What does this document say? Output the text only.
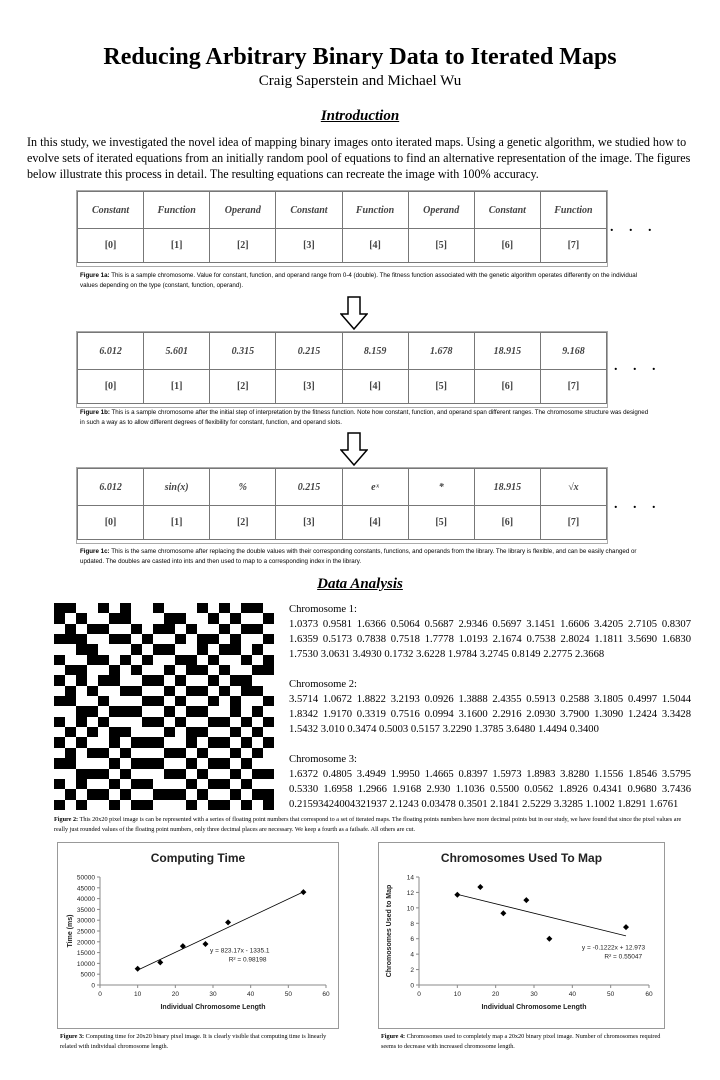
Reducing Arbitrary Binary Data to Iterated Maps
Craig Saperstein and Michael Wu
Introduction
In this study, we investigated the novel idea of mapping binary images onto iterated maps. Using a genetic algorithm, we studied how to evolve sets of iterated equations from an initially random pool of equations to find an alternative representation of the image. The figures below illustrate this process in detail. The resulting equations can recreate the image with 100% accuracy.
Constant	Function	Operand	Constant	Function	Operand	Constant	Function
[0]	[1]	[2]	[3]	[4]	[5]	[6]	[7]
. . .
Figure 1a: This is a sample chromosome. Value for constant, function, and operand range from 0-4 (double). The fitness function associated with the genetic algorithm operates differently on the individual values depending on the type (constant, function, operand).
6.012	5.601	0.315	0.215	8.159	1.678	18.915	9.168
[0]	[1]	[2]	[3]	[4]	[5]	[6]	[7]
. . .
Figure 1b: This is a sample chromosome after the initial step of interpretation by the fitness function. Note how constant, function, and operand span different ranges. The chromosome structure was designed in such a way as to allow different degrees of flexibility for constant, function, and operand slots.
6.012	sin(x)	%	0.215	eˣ	*	18.915	√x
[0]	[1]	[2]	[3]	[4]	[5]	[6]	[7]
. . .
Figure 1c: This is the same chromosome after replacing the double values with their corresponding constants, functions, and operands from the library. The library is flexible, and can be easily changed or updated. The doubles are casted into ints and then used to map to a corresponding index in the library.
Data Analysis

Chromosome 1:
1.0373 0.9581 1.6366 0.5064 0.5687 2.9346 0.5697 3.1451 1.6606 3.4205 2.7105 0.8307 1.6359 0.5173 0.7838 0.7518 1.7778 1.0193 2.1674 0.7538 2.8024 1.1811 3.5690 1.6830 1.7530 3.0631 3.4930 0.1732 3.6228 1.9784 3.2745 0.8149 2.2775 2.3668

Chromosome 2:
3.5714 1.0672 1.8822 3.2193 0.0926 1.3888 2.4355 0.5913 0.2588 3.1805 0.4997 1.5044 1.8342 1.9170 0.3319 0.7516 0.0994 3.1600 2.2916 2.0930 3.7900 1.3090 1.2424 3.3428 1.5432 3.010 0.3474 0.5003 0.5157 3.2290 1.3785 3.6480 1.4494 0.3400

Chromosome 3:
1.6372 0.4805 3.4949 1.9950 1.4665 0.8397 1.5973 1.8983 3.8280 1.1556 1.8546 3.5795 0.5330 1.6958 1.2966 1.9168 2.930 1.1036 0.5500 0.0562 1.8926 0.4341 0.9680 3.7436 0.21593424004321937 2.1243 0.03478 0.3501 2.1841 2.5229 3.3285 1.1002 1.8291 1.6761

Figure 2: This 20x20 pixel image is can be represented with a series of floating point numbers that correspond to a set of iterated maps. The floating points numbers have more decimal points but in our study, we have found that since the pixel values are really just rounded values of the floating point numbers, only three decimal places are necessary. We keep a fourth as a failsafe. All others are cut.
Computing Time
0
5000
10000
15000
20000
25000
30000
35000
40000
45000
50000
0	10	20	30	40	50	60
Individual Chromosome Length
Time (ms)
y = 823.17x - 1335.1
R² = 0.98198
Figure 3: Computing time for 20x20 binary pixel image. It is clearly visible that computing time is linearly related with individual chromosome length.
Chromosomes Used To Map
0
2
4
6
8
10
12
14
0	10	20	30	40	50	60
Individual Chromosome Length
Chromosomes Used to Map	y = -0.1222x + 12.973
R² = 0.55047
Figure 4: Chromosomes used to completely map a 20x20 binary pixel image. Number of chromosomes required seems to decrease with increased chromosome length.
